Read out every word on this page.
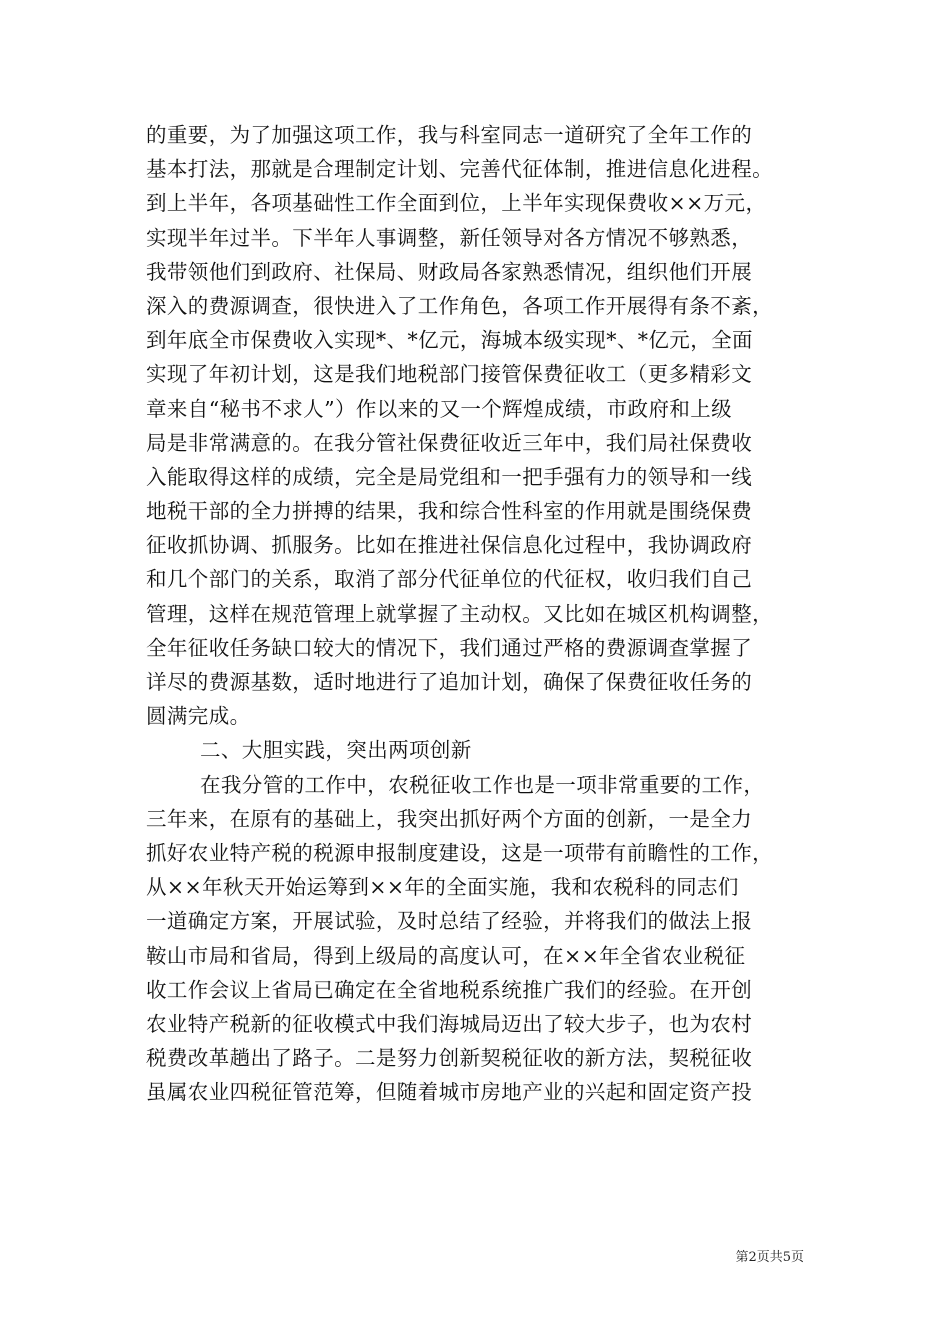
的重要，为了加强这项工作，我与科室同志一道研究了全年工作的
基本打法，那就是合理制定计划、完善代征体制，推进信息化进程。
到上半年，各项基础性工作全面到位，上半年实现保费收××万元，
实现半年过半。下半年人事调整，新任领导对各方情况不够熟悉，
我带领他们到政府、社保局、财政局各家熟悉情况，组织他们开展
深入的费源调查，很快进入了工作角色，各项工作开展得有条不紊，
到年底全市保费收入实现*、*亿元，海城本级实现*、*亿元，全面
实现了年初计划，这是我们地税部门接管保费征收工（更多精彩文
章来自“秘书不求人”）作以来的又一个辉煌成绩，市政府和上级
局是非常满意的。在我分管社保费征收近三年中，我们局社保费收
入能取得这样的成绩，完全是局党组和一把手强有力的领导和一线
地税干部的全力拼搏的结果，我和综合性科室的作用就是围绕保费
征收抓协调、抓服务。比如在推进社保信息化过程中，我协调政府
和几个部门的关系，取消了部分代征单位的代征权，收归我们自己
管理，这样在规范管理上就掌握了主动权。又比如在城区机构调整，
全年征收任务缺口较大的情况下，我们通过严格的费源调查掌握了
详尽的费源基数，适时地进行了追加计划，确保了保费征收任务的
圆满完成。
二、大胆实践，突出两项创新
在我分管的工作中，农税征收工作也是一项非常重要的工作，
三年来，在原有的基础上，我突出抓好两个方面的创新，一是全力
抓好农业特产税的税源申报制度建设，这是一项带有前瞻性的工作，
从××年秋天开始运筹到××年的全面实施，我和农税科的同志们
一道确定方案，开展试验，及时总结了经验，并将我们的做法上报
鞍山市局和省局，得到上级局的高度认可，在××年全省农业税征
收工作会议上省局已确定在全省地税系统推广我们的经验。在开创
农业特产税新的征收模式中我们海城局迈出了较大步子，也为农村
税费改革趟出了路子。二是努力创新契税征收的新方法，契税征收
虽属农业四税征管范筹，但随着城市房地产业的兴起和固定资产投
第2页共5页
